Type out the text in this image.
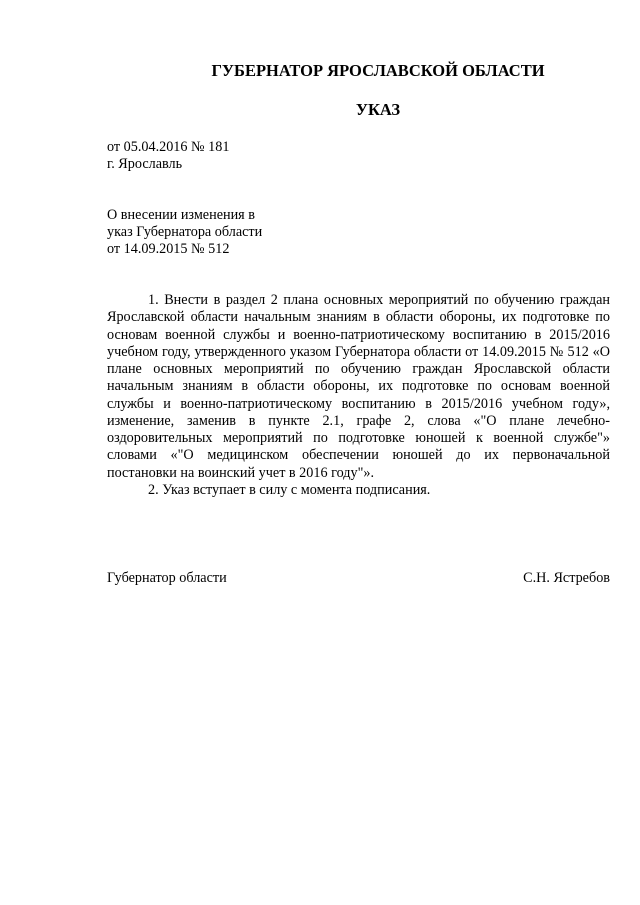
ГУБЕРНАТОР ЯРОСЛАВСКОЙ ОБЛАСТИ
УКАЗ
от 05.04.2016 № 181
г. Ярославль
О внесении изменения в
указ Губернатора области
от 14.09.2015 № 512

1. Внести в раздел 2 плана основных мероприятий по обучению граждан Ярославской области начальным знаниям в области обороны, их подготовке по основам военной службы и военно-патриотическому воспитанию в 2015/2016 учебном году, утвержденного указом Губернатора области от 14.09.2015 № 512 «О плане основных мероприятий по обучению граждан Ярославской области начальным знаниям в области обороны, их подготовке по основам военной службы и военно-патриотическому воспитанию в 2015/2016 учебном году», изменение, заменив в пункте 2.1, графе 2, слова «"О плане лечебно-оздоровительных мероприятий по подготовке юношей к военной службе"» словами «"О медицинском обеспечении юношей до их первоначальной постановки на воинский учет в 2016 году"».

2. Указ вступает в силу с момента подписания.

Губернатор области	С.Н. Ястребов
